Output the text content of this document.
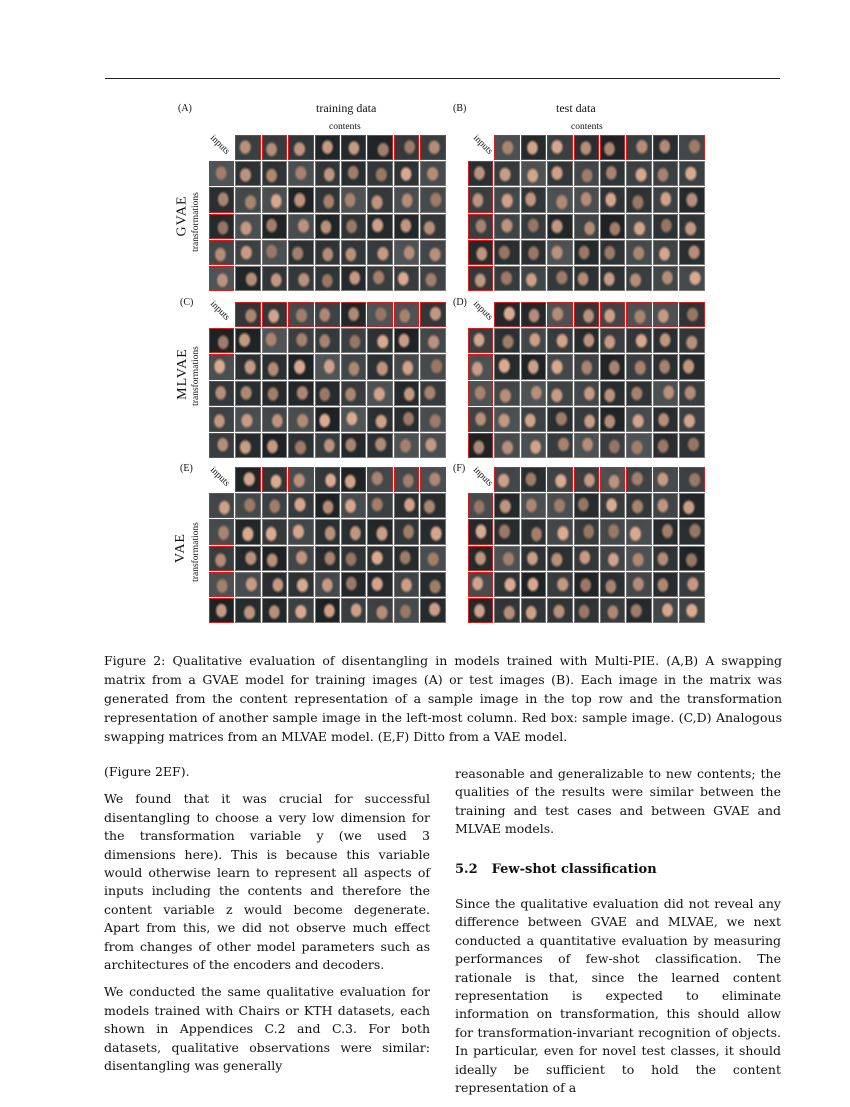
(A)	(B)
(C)	(D)
(E)	(F)
training data	test data
contents	contents
inputs	inputs
inputs	inputs
inputs	inputs
GVAE
MLVAE
VAE
transformations
transformations
transformations
Figure 2: Qualitative evaluation of disentangling in models trained with Multi-PIE. (A,B) A swapping matrix from a GVAE model for training images (A) or test images (B). Each image in the matrix was generated from the content representation of a sample image in the top row and the transformation representation of another sample image in the left-most column. Red box: sample image. (C,D) Analogous swapping matrices from an MLVAE model. (E,F) Ditto from a VAE model.

(Figure 2EF).

We found that it was crucial for successful disentangling to choose a very low dimension for the transformation variable y (we used 3 dimensions here). This is because this variable would otherwise learn to represent all aspects of inputs including the contents and therefore the content variable z would become degenerate. Apart from this, we did not observe much effect from changes of other model parameters such as architectures of the encoders and decoders.

We conducted the same qualitative evaluation for models trained with Chairs or KTH datasets, each shown in Appendices C.2 and C.3. For both datasets, qualitative observations were similar: disentangling was generally

reasonable and generalizable to new contents; the qualities of the results were similar between the training and test cases and between GVAE and MLVAE models.

5.2 Few-shot classification

Since the qualitative evaluation did not reveal any difference between GVAE and MLVAE, we next conducted a quantitative evaluation by measuring performances of few-shot classification. The rationale is that, since the learned content representation is expected to eliminate information on transformation, this should allow for transformation-invariant recognition of objects. In particular, even for novel test classes, it should ideally be sufficient to hold the content representation of a
